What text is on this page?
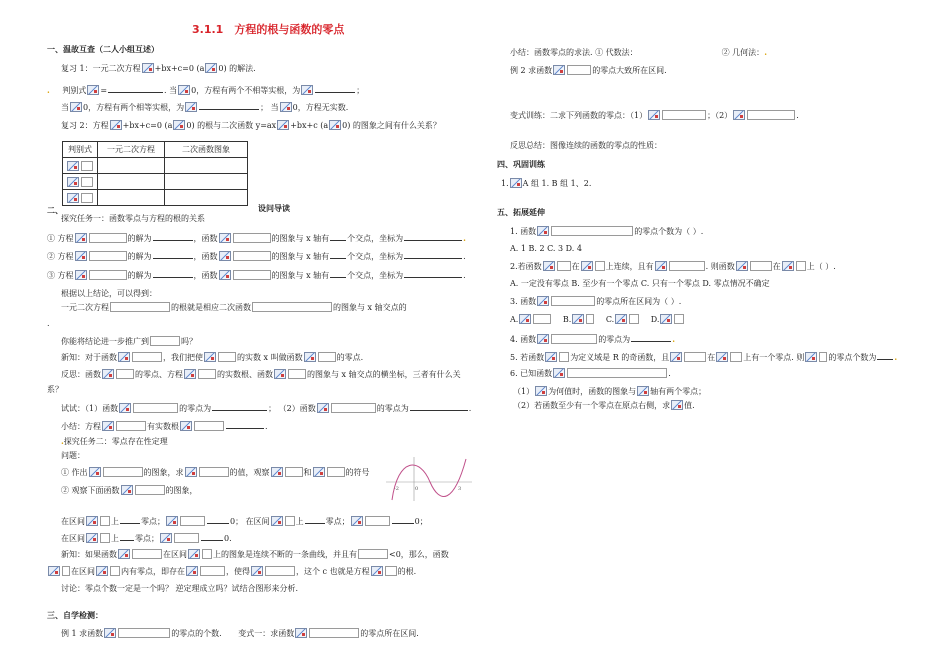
3.1.1　方程的根与函数的零点
一、温故互查（二人小组互述）
复习 1：一元二次方程 +bx+c=0 (a 0) 的解法.
. 判别式 =	. 当 0，方程有两个不相等实根，为	；
当 0，方程有两个相等实根，为	； 当 0，方程无实数.
复习 2：方程 +bx+c=0 (a 0) 的根与二次函数 y=ax +bx+c (a 0) 的图象之间有什么关系？
判别式	一元二次方程	二次函数图象

二、	设问导读
探究任务一：函数零点与方程的根的关系
① 方程	的解为	，函数	的图象与 x 轴有 个交点，坐标为	.
② 方程	的解为	，函数	的图象与 x 轴有 个交点，坐标为	.
③ 方程	的解为	，函数	的图象与 x 轴有 个交点，坐标为	.
根据以上结论，可以得到：
一元二次方程	的根就是相应二次函数	的图象与 x 轴交点的
.
你能将结论进一步推广到	吗？
新知：对于函数	，我们把使	的实数 x 叫做函数	的零点.
反思：函数	的零点、方程	的实数根、函数	的图象与 x 轴交点的横坐标，三者有什么关
系？
试试：（1）函数	的零点为	； （2）函数	的零点为	.
小结：方程	有实数根	.
.探究任务二：零点存在性定理
问题：
① 作出	的图象，求	的值，观察	和	的符号
② 观察下面函数	的图象，	-2	0	3
在区间	上	零点；	0； 在区间	上	零点；	0；
在区间	上 零点；	0.
新知：如果函数	在区间	上的图象是连续不断的一条曲线，并且有	<0，那么，函数
在区间	内有零点，即存在	，使得	，这个 c 也就是方程	的根.
讨论：零点个数一定是一个吗？ 逆定理成立吗？试结合图形来分析.
三、自学检测：
例 1 求函数	的零点的个数. 变式一：求函数	的零点所在区间.
小结：函数零点的求法. ① 代数法：	② 几何法：.
例 2 求函数	的零点大致所在区间.
变式训练：二求下列函数的零点：（1）	；（2）	.
反思总结：图像连续的函数的零点的性质：
四、巩固训练
1. A 组 1. B 组 1、2.
五、拓展延伸
1. 函数	的零点个数为（ ）.
A. 1 B. 2 C. 3 D. 4
2.若函数	在	上连续，且有	. 则函数	在	上（ ）.
A. 一定没有零点 B. 至少有一个零点 C. 只有一个零点 D. 零点情况不确定
3. 函数	的零点所在区间为（ ）.
A.	B.	C.	D.
4. 函数	的零点为	.
5. 若函数	为定义域是 R 的奇函数，且	在	上有一个零点. 则	的零点个数为 .
6. 已知函数	.
（1） 为何值时，函数的图象与 轴有两个零点；
（2）若函数至少有一个零点在原点右侧，求 值.
